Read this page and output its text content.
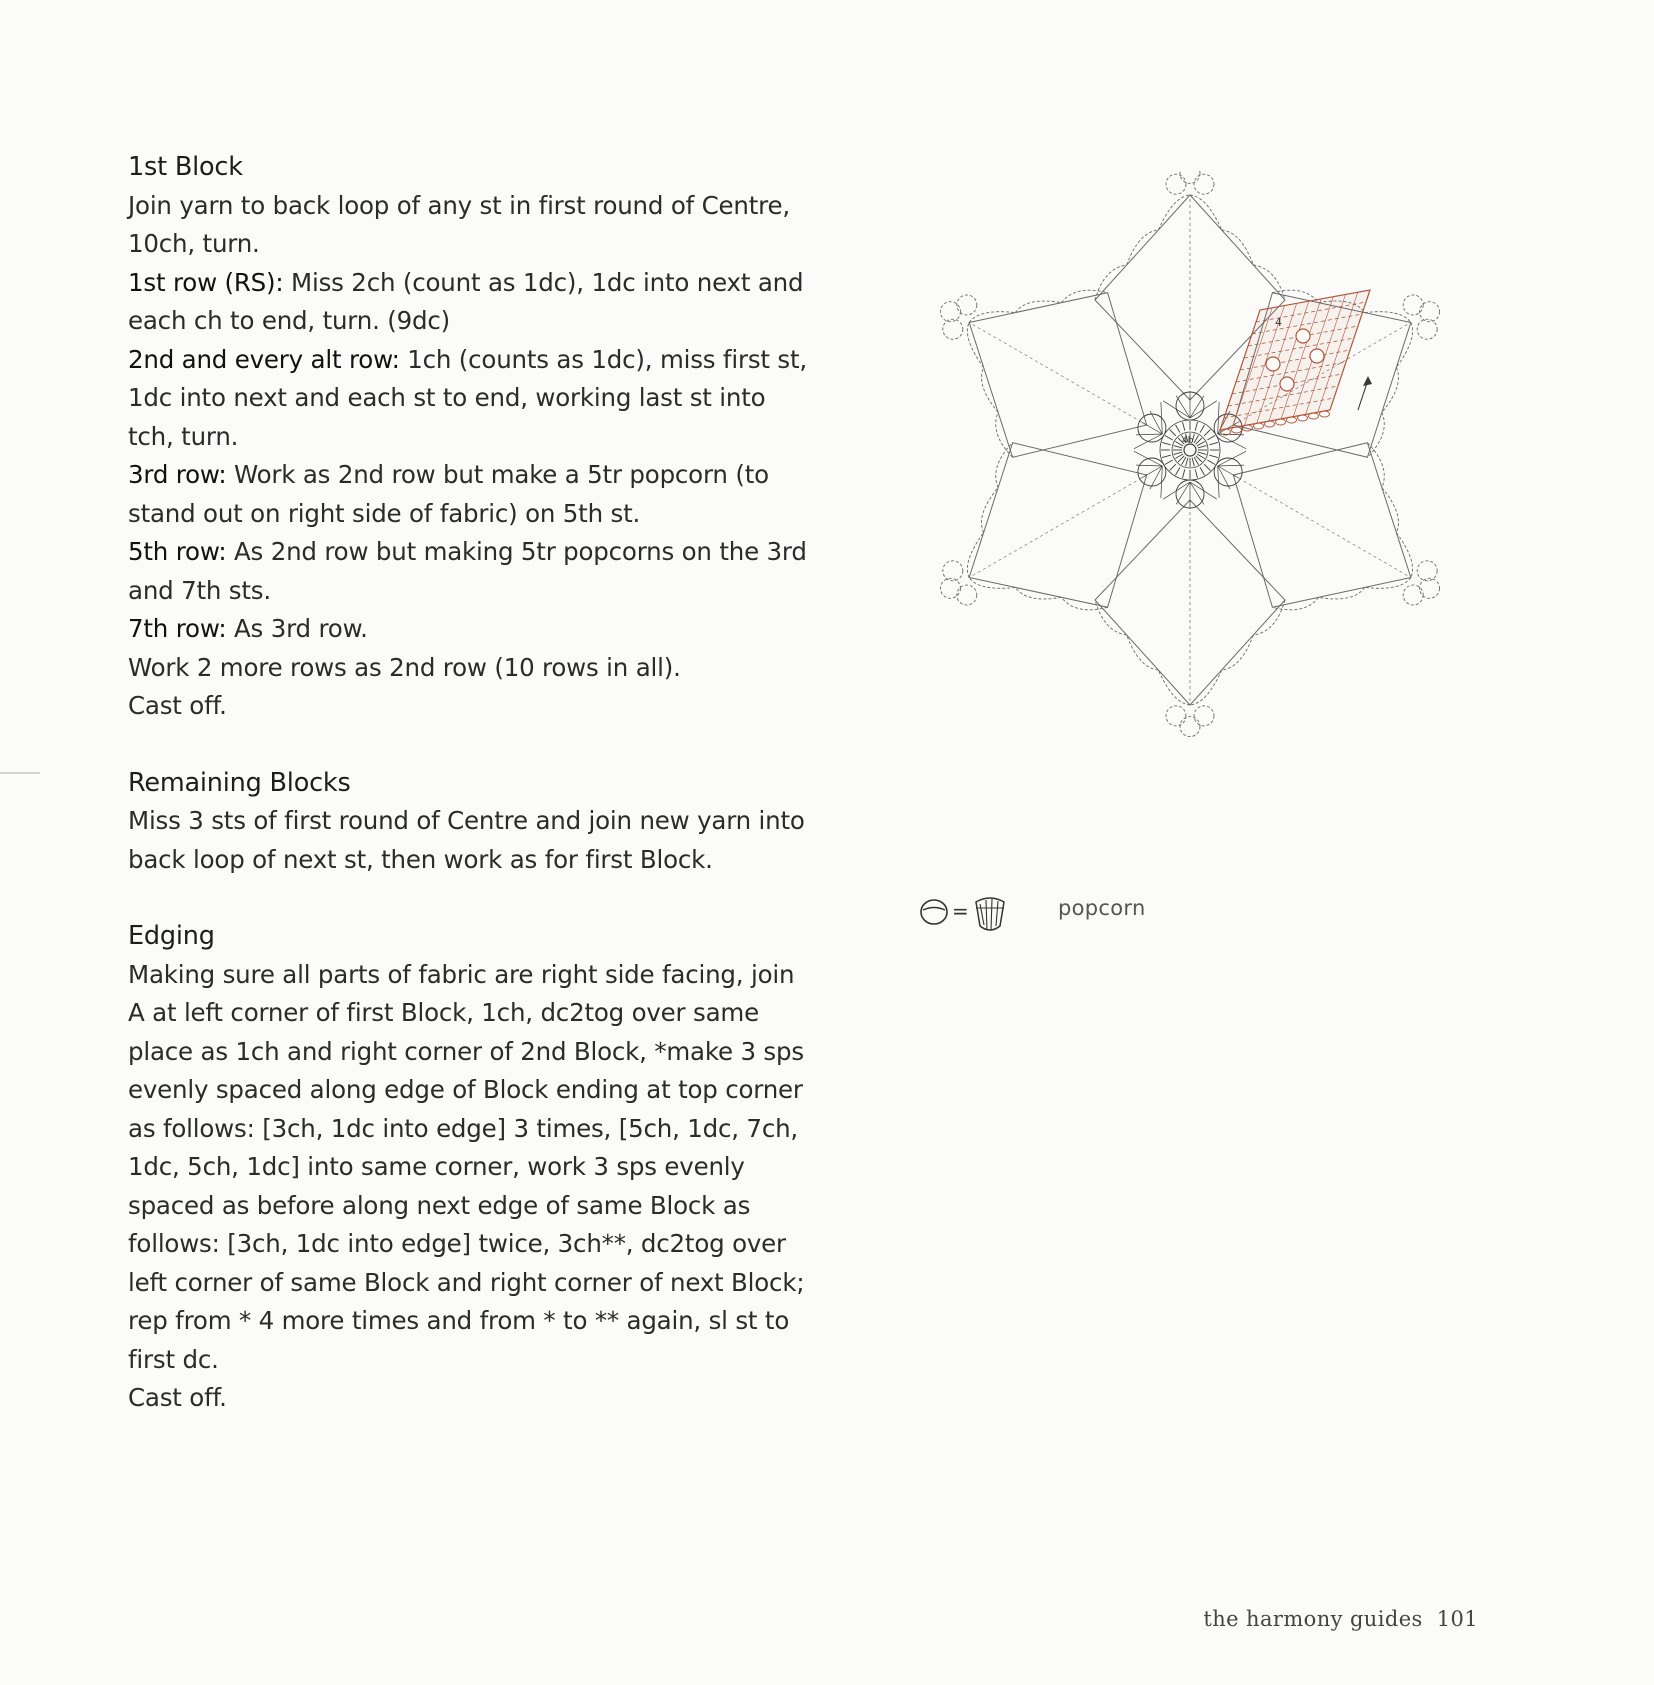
1st Block

Join yarn to back loop of any st in first round of Centre, 10ch, turn.

1st row (RS): Miss 2ch (count as 1dc), 1dc into next and each ch to end, turn. (9dc)

2nd and every alt row: 1ch (counts as 1dc), miss first st, 1dc into next and each st to end, working last st into tch, turn.

3rd row: Work as 2nd row but make a 5tr popcorn (to stand out on right side of fabric) on 5th st.

5th row: As 2nd row but making 5tr popcorns on the 3rd and 7th sts.

7th row: As 3rd row.

Work 2 more rows as 2nd row (10 rows in all).

Cast off.

Remaining Blocks

Miss 3 sts of first round of Centre and join new yarn into back loop of next st, then work as for first Block.

Edging

Making sure all parts of fabric are right side facing, join A at left corner of first Block, 1ch, dc2tog over same place as 1ch and right corner of 2nd Block, *make 3 sps evenly spaced along edge of Block ending at top corner as follows: [3ch, 1dc into edge] 3 times, [5ch, 1dc, 7ch, 1dc, 5ch, 1dc] into same corner, work 3 sps evenly spaced as before along next edge of same Block as follows: [3ch, 1dc into edge] twice, 3ch**, dc2tog over left corner of same Block and right corner of next Block; rep from * 4 more times and from * to ** again, sl st to first dc.

Cast off.

4
4b
=	popcorn
the harmony guides 101
